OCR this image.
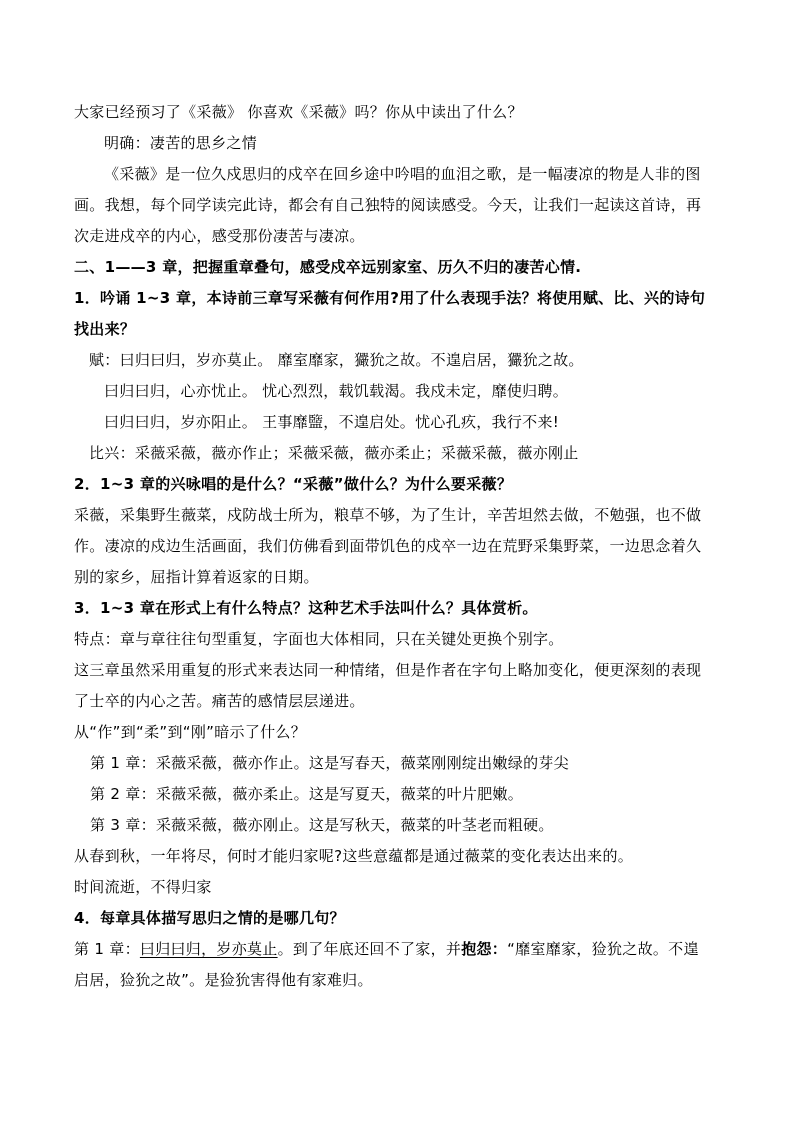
大家已经预习了《采薇》 你喜欢《采薇》吗？你从中读出了什么？
明确：凄苦的思乡之情
《采薇》是一位久戍思归的戍卒在回乡途中吟唱的血泪之歌，是一幅凄凉的物是人非的图
画。我想，每个同学读完此诗，都会有自己独特的阅读感受。今天，让我们一起读这首诗，再
次走进戍卒的内心，感受那份凄苦与凄凉。
二、1——3 章，把握重章叠句，感受戍卒远别家室、历久不归的凄苦心情.
1．吟诵 1~3 章，本诗前三章写采薇有何作用?用了什么表现手法？将使用赋、比、兴的诗句
找出来？
赋：曰归曰归，岁亦莫止。 靡室靡家，玁狁之故。不遑启居，玁狁之故。
曰归曰归，心亦忧止。 忧心烈烈，载饥载渴。我戍未定，靡使归聘。
曰归曰归，岁亦阳止。 王事靡盬，不遑启处。忧心孔疚，我行不来!
比兴：采薇采薇，薇亦作止；采薇采薇，薇亦柔止；采薇采薇，薇亦刚止
2．1~3 章的兴咏唱的是什么？“采薇”做什么？为什么要采薇？
采薇，采集野生薇菜，戍防战士所为，粮草不够，为了生计，辛苦坦然去做，不勉强，也不做
作。凄凉的戍边生活画面，我们仿佛看到面带饥色的戍卒一边在荒野采集野菜，一边思念着久
别的家乡，屈指计算着返家的日期。
3．1~3 章在形式上有什么特点？这种艺术手法叫什么？具体赏析。
特点：章与章往往句型重复，字面也大体相同，只在关键处更换个别字。
这三章虽然采用重复的形式来表达同一种情绪，但是作者在字句上略加变化，便更深刻的表现
了士卒的内心之苦。痛苦的感情层层递进。
从“作”到“柔”到“刚”暗示了什么？
第 1 章：采薇采薇，薇亦作止。这是写春天，薇菜刚刚绽出嫩绿的芽尖
第 2 章：采薇采薇，薇亦柔止。这是写夏天，薇菜的叶片肥嫩。
第 3 章：采薇采薇，薇亦刚止。这是写秋天，薇菜的叶茎老而粗硬。
从春到秋，一年将尽，何时才能归家呢?这些意蕴都是通过薇菜的变化表达出来的。
时间流逝，不得归家
4．每章具体描写思归之情的是哪几句？
第 1 章：曰归曰归，岁亦莫止。到了年底还回不了家，并抱怨：“靡室靡家，猃狁之故。不遑
启居，猃狁之故”。是猃狁害得他有家难归。
